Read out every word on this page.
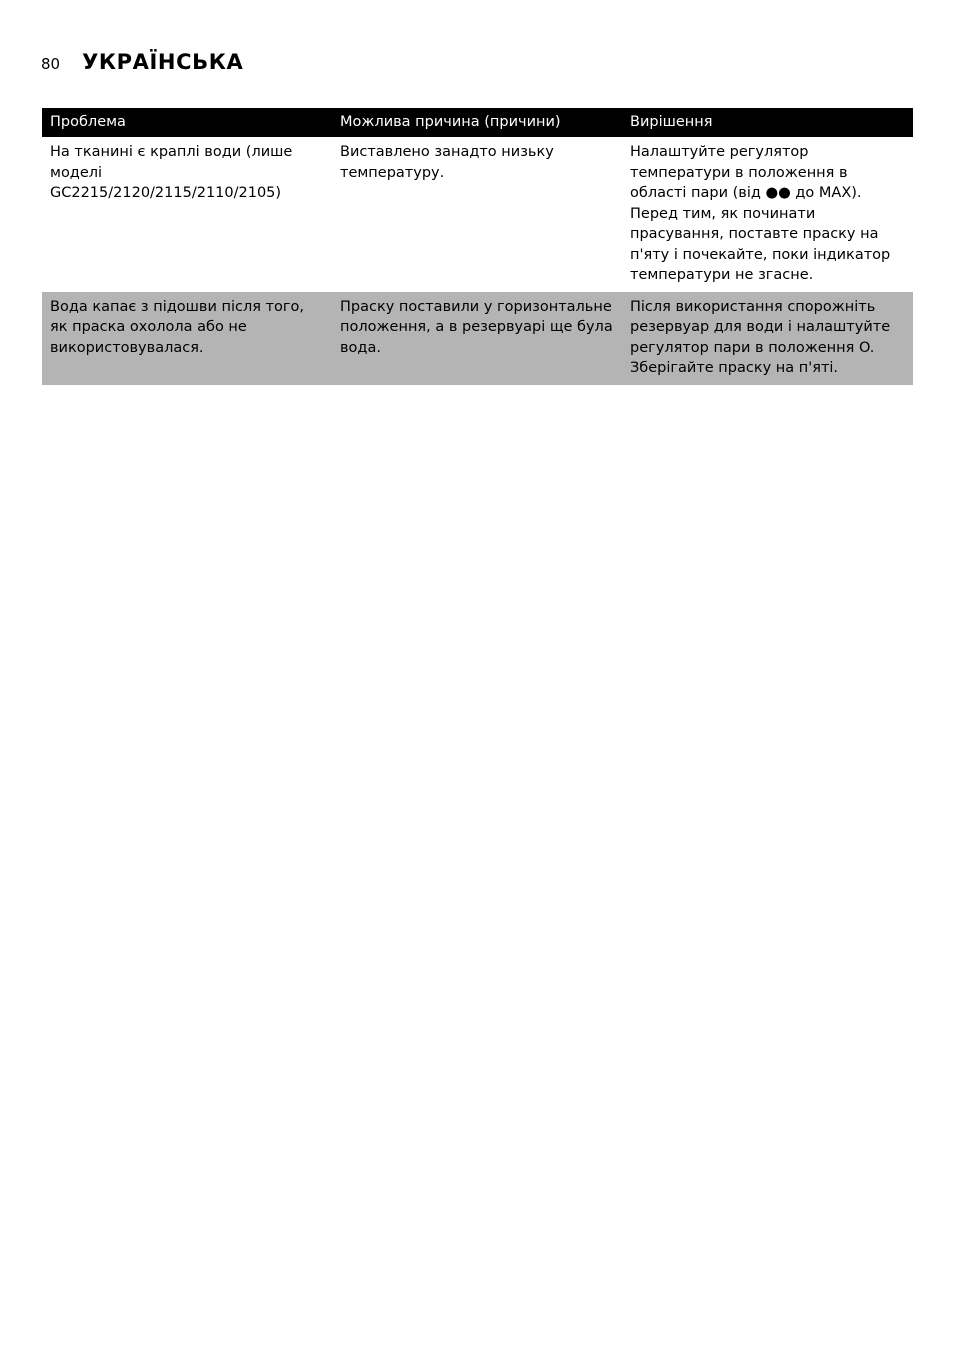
80 УКРАЇНСЬКА
Проблема	Можлива причина (причини)	Вирішення
На тканині є краплі води (лише моделі GC2215/2120/2115/2110/2105)	Виставлено занадто низьку температуру.	Налаштуйте регулятор температури в положення в області пари (від ●● до MAX). Перед тим, як починати прасування, поставте праску на п'яту і почекайте, поки індикатор температури не згасне.
Вода капає з підошви після того, як праска охолола або не використовувалася.	Праску поставили у горизонтальне положення, а в резервуарі ще була вода.	Після використання спорожніть резервуар для води і налаштуйте регулятор пари в положення O. Зберігайте праску на п'яті.
